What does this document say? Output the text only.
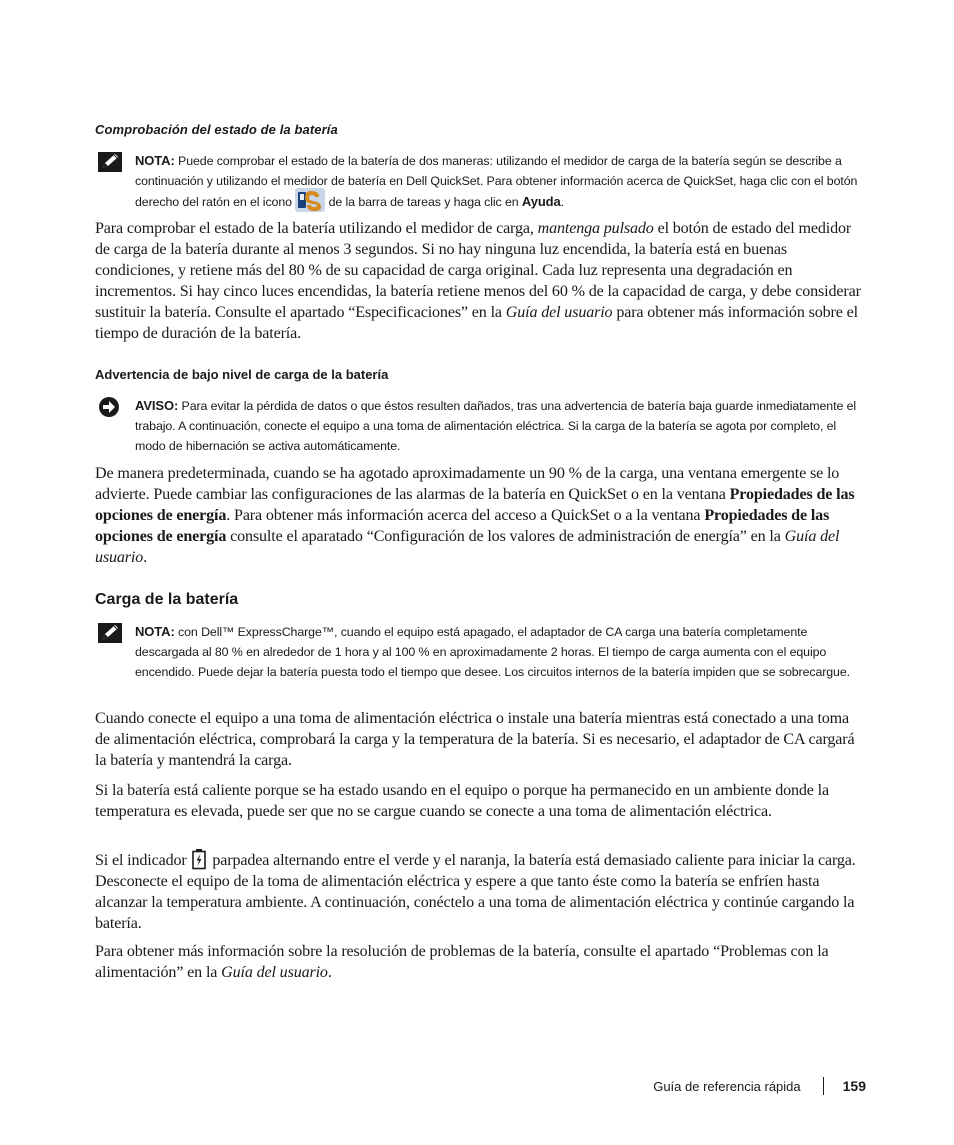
Comprobación del estado de la batería
NOTA: Puede comprobar el estado de la batería de dos maneras: utilizando el medidor de carga de la batería según se describe a continuación y utilizando el medidor de batería en Dell QuickSet. Para obtener información acerca de QuickSet, haga clic con el botón derecho del ratón en el icono  de la barra de tareas y haga clic en Ayuda.
Para comprobar el estado de la batería utilizando el medidor de carga, mantenga pulsado el botón de estado del medidor de carga de la batería durante al menos 3 segundos. Si no hay ninguna luz encendida, la batería está en buenas condiciones, y retiene más del 80 % de su capacidad de carga original. Cada luz representa una degradación en incrementos. Si hay cinco luces encendidas, la batería retiene menos del 60 % de la capacidad de carga, y debe considerar sustituir la batería. Consulte el apartado “Especificaciones” en la Guía del usuario para obtener más información sobre el tiempo de duración de la batería.
Advertencia de bajo nivel de carga de la batería
AVISO: Para evitar la pérdida de datos o que éstos resulten dañados, tras una advertencia de batería baja guarde inmediatamente el trabajo. A continuación, conecte el equipo a una toma de alimentación eléctrica. Si la carga de la batería se agota por completo, el modo de hibernación se activa automáticamente.
De manera predeterminada, cuando se ha agotado aproximadamente un 90 % de la carga, una ventana emergente se lo advierte. Puede cambiar las configuraciones de las alarmas de la batería en QuickSet o en la ventana Propiedades de las opciones de energía. Para obtener más información acerca del acceso a QuickSet o a la ventana Propiedades de las opciones de energía consulte el aparatado “Configuración de los valores de administración de energía” en la Guía del usuario.
Carga de la batería
NOTA: con Dell™ ExpressCharge™, cuando el equipo está apagado, el adaptador de CA carga una batería completamente descargada al 80 % en alrededor de 1 hora y al 100 % en aproximadamente 2 horas. El tiempo de carga aumenta con el equipo encendido. Puede dejar la batería puesta todo el tiempo que desee. Los circuitos internos de la batería impiden que se sobrecargue.
Cuando conecte el equipo a una toma de alimentación eléctrica o instale una batería mientras está conectado a una toma de alimentación eléctrica, comprobará la carga y la temperatura de la batería. Si es necesario, el adaptador de CA cargará la batería y mantendrá la carga.
Si la batería está caliente porque se ha estado usando en el equipo o porque ha permanecido en un ambiente donde la temperatura es elevada, puede ser que no se cargue cuando se conecte a una toma de alimentación eléctrica.
Si el indicador  parpadea alternando entre el verde y el naranja, la batería está demasiado caliente para iniciar la carga. Desconecte el equipo de la toma de alimentación eléctrica y espere a que tanto éste como la batería se enfríen hasta alcanzar la temperatura ambiente. A continuación, conéctelo a una toma de alimentación eléctrica y continúe cargando la batería.
Para obtener más información sobre la resolución de problemas de la batería, consulte el apartado “Problemas con la alimentación” en la Guía del usuario.
Guía de referencia rápida	159
